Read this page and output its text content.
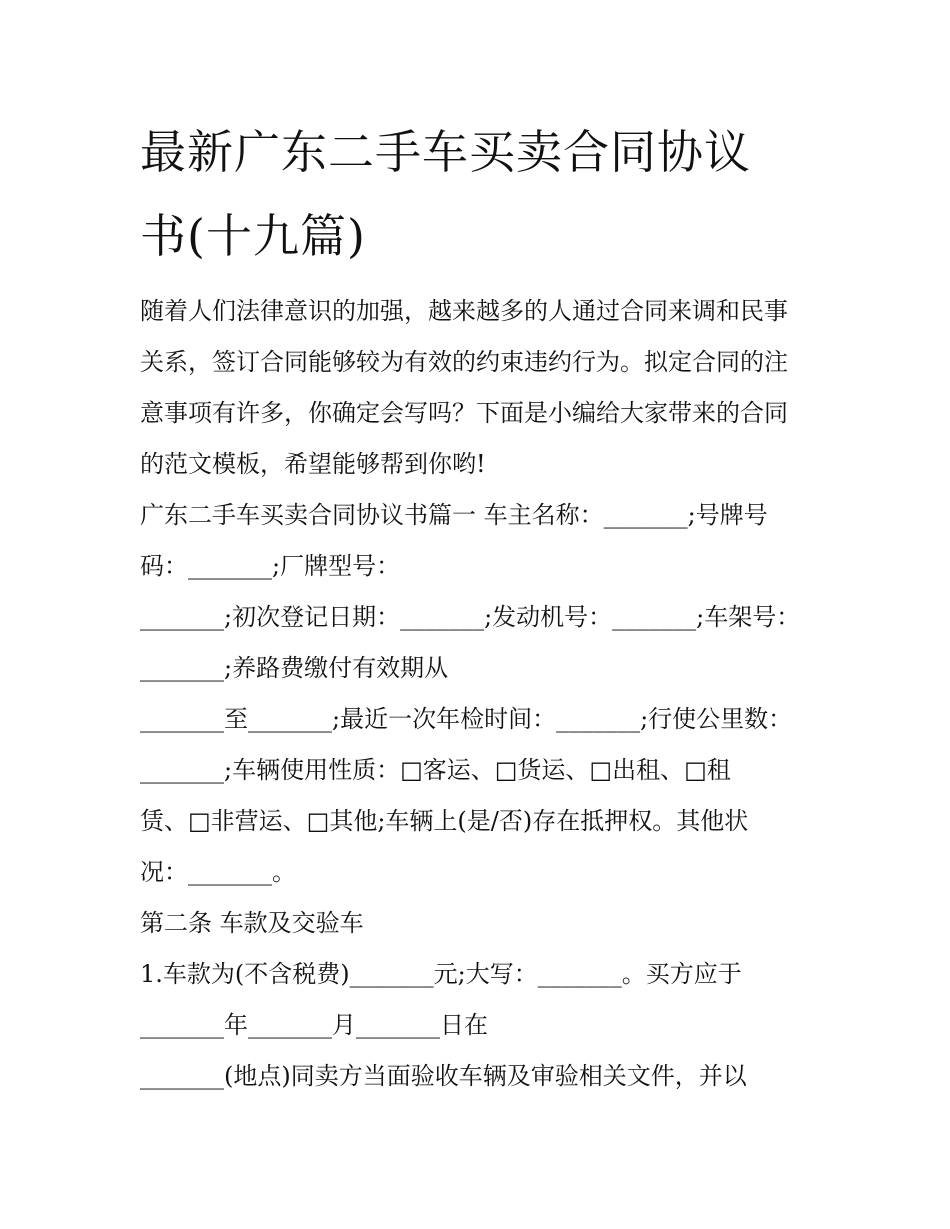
最新广东二手车买卖合同协议
书(十九篇)

随着人们法律意识的加强，越来越多的人通过合同来调和民事

关系，签订合同能够较为有效的约束违约行为。拟定合同的注

意事项有许多，你确定会写吗？下面是小编给大家带来的合同

的范文模板，希望能够帮到你哟!

广东二手车买卖合同协议书篇一 车主名称：_______;号牌号

码：_______;厂牌型号：

_______;初次登记日期：_______;发动机号：_______;车架号：

_______;养路费缴付有效期从

_______至_______;最近一次年检时间：_______;行使公里数：

_______;车辆使用性质：□客运、□货运、□出租、□租

赁、□非营运、□其他;车辆上(是/否)存在抵押权。其他状

况：_______。

第二条 车款及交验车

1.车款为(不含税费)_______元;大写：_______。买方应于

_______年_______月_______日在

_______(地点)同卖方当面验收车辆及审验相关文件，并以
